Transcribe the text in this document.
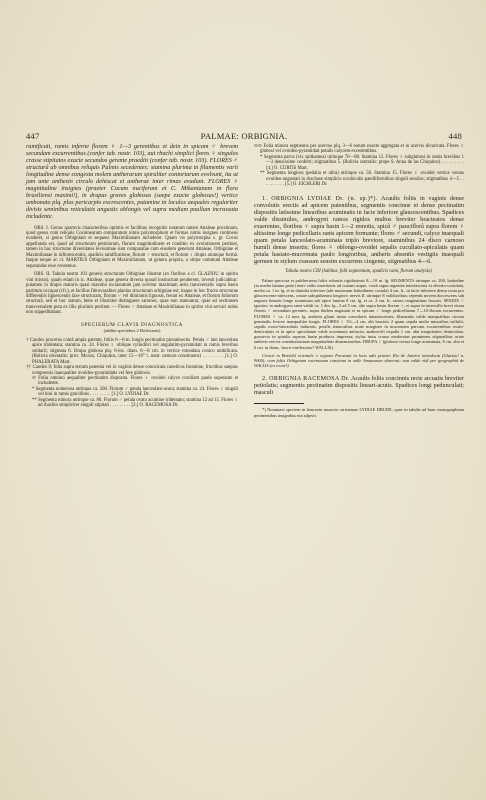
447	PALMAE: ORBIGNIA.	448

ramificati, ramis inferne florem ♀ 1—3 gerentibus et dein in spicam ♂ brevem secundam excurrentibus (confer tab. nostr. 103), aut rhachi simplici flores ♀ singulos crasse stipitatos exacte secundos gerente praediti (confer tab. nostr. 103). FLORES ♂ structurâ ab omnibus reliquis Palmis secedentes: stamina plurima in filamentis varii longitudine dense congesta molem antherarum spiraliter contortarum evolvunt, ita ut jam ante anthesin circulo dehiscat et antherae inter rimas evadunt. FLORES ♀ magnitudine insignes (praeter Cocum nuciferam et C. Mikanianam in flora brasiliensi maximi!), in drupas graves globosas (saepe exacte globosas!) vertice umbonato plq. plus pericarpio excrescentes, putamine in loculos aequales regulariter divisis seminibus reticulatis angustis oblongis vel supra medium paullum incrassata includente.

OBS. I. Genus quamvis characteribus optimis et facilibus recognitis notatum tamen Attaleae proximum, quod genus cum reliquis Cocoinearum comparatum nimis polymorphum et formas nimis insignes continens evaderet, si genus Orbigniam et sequens Maximilianam includeret. Quam vis polymorpha s. gr. Cocos appellanda est, quod ad structuram petiolorum, florum magnitudinem et conditio ex evolutionem pertinet, tamen in hac structurae diversitates levissimae sunt comparatae cum eiusdem generum Attaleae, Orbigniae et Maximilianae in inflorescentiis, spadicis ramificatione, florum ♂ structurâ, et florum ♀ drupis arumque formâ. Itaque neque ac cl. MARTIUS Orbigniam et Maximilianam, ut genera propria, a stirpe communi Attaleae separandas esse censemus.

OBS. II. Tabula nostra 103 generis structuram Orbigniae illustrat (ex floribus a cl. GLAZIOU in spiritu vini missis), quam etiam in ic. Attaleae, quae genera diversa quoad instructum penderent, invenit judicabitur: putamen in drupis maturis quasi maximo incrassatum jam solvitur maximam aeris transversalis supra basin partitum occupat (cfr.), et facilius fibrovasaliter planius structuram orbigniae est; itaque in hoc fructu structurae differentiis lignescentis laxe structuram, florum ♂ vel diminutis lignosis, ferunt ex Attaleae, et florum foliorum structurâ, sed et hoc statum, bene et illustrate distinguere rationes, quae non statuuntur, quae ad sectionem transversalem puta ex illis plurimis pertinet. — Flores ♂ Attaleae et Maximilianae in spiritu vini servari nobis non suppeditabant.

SPECIERUM CLAVIS DIAGNOSTICA

(addita speciebus 2 Bolivianis)

† Candex procerus comâ ampla patente, foliis 6—8 m. longis pectinatim pinnatisectis. Petala ♂ late lanceolata apice tridentata; stamina ca. 24. Flores ♀ oblique cylindrici vel angulatim-pyramidati in ramis brevibus solitarii; stigmata 6. Drupa globosa plq. 6-loc. diam. 6—8 cm. in vertice rotundata conico umbilicata. (Bolivia orientalis: prov. Moxos, Chiquitos, inter 15—16° l. austr. nemora constituens) . . . . . . . . [1.] O. PHALERATA Mart.

†† Caudex 0; folia supra terram patentia vel in vaginis dense conculcata canelicus foramine, fructibus saepius compressis inaequaliter ovoideo-pyramidatis vel fere globosis.

⊙ Folia omnino aequaliter pectinatim disposita. Flores ♀ ovoidei calyce corollam paulo superante et includente.

* Segmenta numerosa utrinque ca. 200. Florum ♂ petala lanceolato-acuta; stamina ca. 24. Flores ♀ singuli vel bini in ramis gracilibus . . . . . . . . . [1.] O. LYDIAE Dr.

** Segmenta minora utrinque ca. 80. Florum ♂ petala ovato acumine tridentato; stamina 12 ad 15. Flores ♀ ad rhachin simpliciter singuli stipitati . . . . . . . . . [2.] O. RACEMOSA Dr.

⊙⊙ Folia minora segmentis per acervos plq. 3—6 earum exacte aggregata et in acervis divaricata. Flores ♀ globosi vel ovoideo-pyramidati petalis calycem excedentibus.

* Segmenta parva (vix spithamea) utrinque 70—80. Stamina 12. Flores ♀ subglobosi in ramis brevibus 1—3 densissime conferti; stigmatibus 5. (Bolivia centralis: prope S. Anna de las Chiquitos) . . . . . . . . . [4.] O. CURTIS Mart.

** Segmenta longiora (pedalia et ultra) utrinque ca. 50. Stamina 15. Flores ♀ ovoidei vertice versus ovoideo-angustati in rhachase simplicis scrobiculis patelliformibus singuli sessiles; stigmatibus 4—5 . . . . . . . . . . [5.] O. EICHLERI Dr.

1. ORBIGNIA LYDIAE Dr. (n. sp.)*). Acaulis foliis in vaginis dense convolutis erectis ad apicem patentibus, segmentis concinne et dense pectinatim dispositis latissime linearibus acuminatis in facie inferiore glaucescentibus. Spadices valde dissimiles, androgyni ramos rigidos multos breviter bracteatos dense exserentes, floribus ♀ supra basin 1—2 remotis, spicâ ♂ pauciflorâ supra florem ♀ altissime longe pedicellaris ranis apicem formante; flores ♂ secundi, calyce inaequali quam petala lanceolato-acuminata triplo breviore, staminibus 24 disco carnoso humili dense insertis; flores ♀ oblongo-ovoidei sepalis cucullato-apiculatis quam petala hastato-mucronata paulo longioribus, antheris absentis vestigiis inaequali germen in stylum crassum sensim excurrens cingente, stigmatibus 4—6.

Tabula nostra CIII (habitus, folii segmentum, spadicis rami, florum analysis).

Palma speciosa et pulcherrima foliis robustis rigidissimis 8—10 m. lg. SEGMENTA utrinque ca. 200, latitudine (in media lamina parte) inter vallis insertionis ad costam usque, costâ supra argentea interfasciata et elevato-costulata, media ca. 1 m. lg. et in dimidio inferiore (ubi maximum latitudinem costula) 4 cm. lt., in facie inferiore densa costa pro glaucescente nitescens, costae subspithamea longiore, nervis II. utrinque 8 validioribus; repentis novem doccescens sub angusta linearis longe acuminata sub apice lamina 8 cm. lg. et ca. 2 cm. lt., ramos ranginatinus fissuris. SPADIX ♂ ignotus; in androgyno rami validi ca. 1 dm. lg., 2 ad 5 cm. alte supra basin florem ♀, et supra in intervallo brevi eitam florem ♀ secundum gerentes, supra ibidem angustati et in spicam ♂ longe pedicellatam 7—10-floram excurrentes. FLORES ♂ ca. 12 mm. lg. antheris glomi instar convolutis intumescentes, filamentis valde inaequalibus circum geminalis leviore inaequaliter longis. FLORES ♀ 3½—4 cm. alti bracteis 2 quam sepala multo minoribus suffulti, sepalis ovato-lanceolatis induratis, petalis tenuioribus acute margines in mucronem parvum excurrentibus ovato-denticulatis et in apice apiculatum valde acuminata anfractu; androeceli expalla 1 cm. alta irregulariter denticulata, gynoecio in spiralis superas basin producta impressa; stylus intus crasso moderatus prominens stigmatibus acute antheris erectis constitutissimae magnitudinis dimensionibus. DRUPA ♀ (globosa versus longe acuminata, 8 cm. alta et 6 cm. in diam., fusco-viridescens? WALLIS).

Crescit in Brasiliâ orientali: e regione Poravani in locis udis praeter Rio de Janeiro introducta (Glaziou! n. 9000); cum foliis Orbigniam racemosam concinna in valle Amazonum observat; non valde vidi per geographiâ de WALLIS (ex icone!).

2. ORBIGNIA RACEMOSA Dr. Acaulis foliis concinnis recte arcuatis breviter petiolatis; segmentis pectinatim dispositis lineari-acutis. Spadices longi pedunculati; masculi

*) Nominavi speciem in honorem musorie carissimae LYDIAE DRUDE, quae in tabulis ad hanc monographiam pertinentibus insignibus me adjuvit.
